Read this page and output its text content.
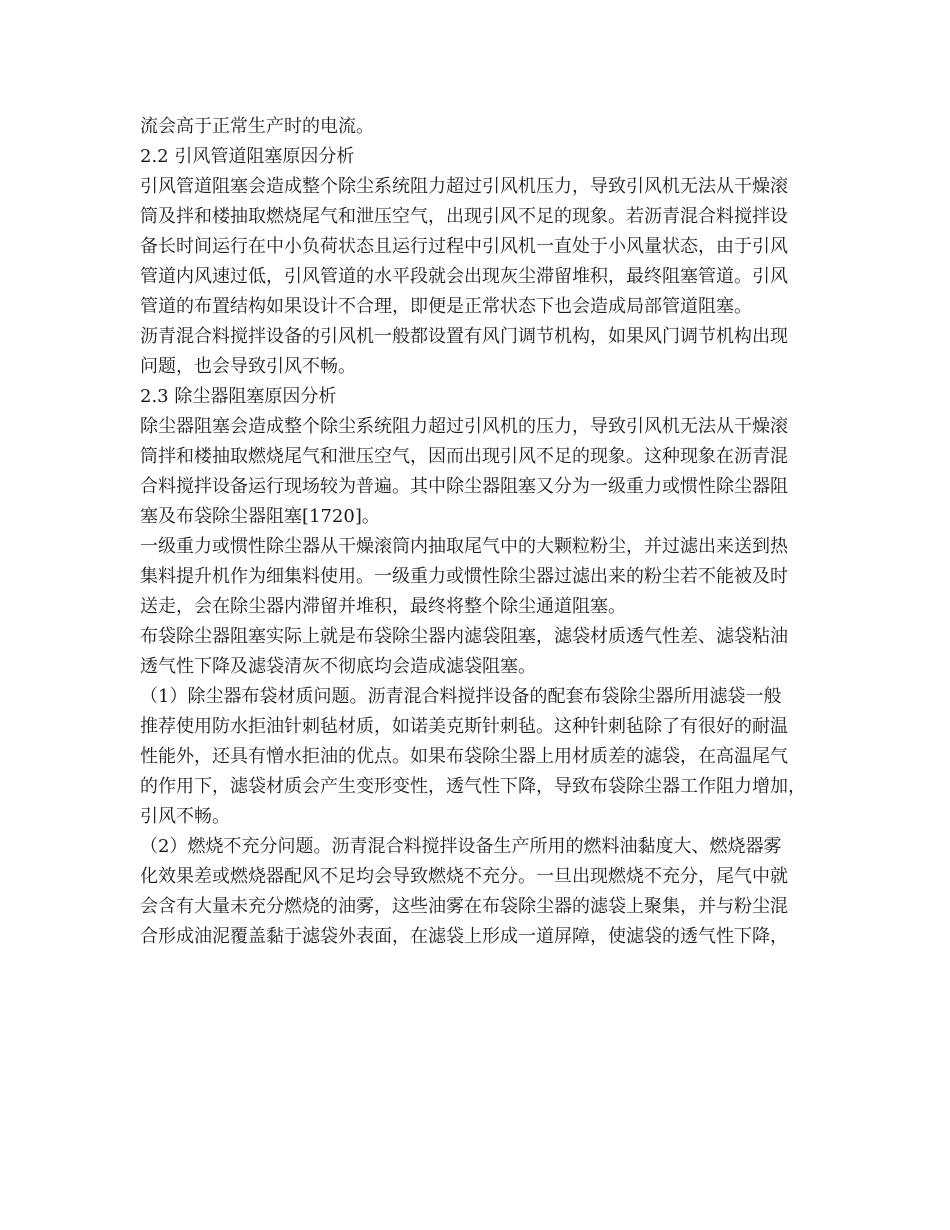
流会高于正常生产时的电流。
2.2 引风管道阻塞原因分析
引风管道阻塞会造成整个除尘系统阻力超过引风机压力，导致引风机无法从干燥滚
筒及拌和楼抽取燃烧尾气和泄压空气，出现引风不足的现象。若沥青混合料搅拌设
备长时间运行在中小负荷状态且运行过程中引风机一直处于小风量状态，由于引风
管道内风速过低，引风管道的水平段就会出现灰尘滞留堆积，最终阻塞管道。引风
管道的布置结构如果设计不合理，即便是正常状态下也会造成局部管道阻塞。
沥青混合料搅拌设备的引风机一般都设置有风门调节机构，如果风门调节机构出现
问题，也会导致引风不畅。
2.3 除尘器阻塞原因分析
除尘器阻塞会造成整个除尘系统阻力超过引风机的压力，导致引风机无法从干燥滚
筒拌和楼抽取燃烧尾气和泄压空气，因而出现引风不足的现象。这种现象在沥青混
合料搅拌设备运行现场较为普遍。其中除尘器阻塞又分为一级重力或惯性除尘器阻
塞及布袋除尘器阻塞[1720]。
一级重力或惯性除尘器从干燥滚筒内抽取尾气中的大颗粒粉尘，并过滤出来送到热
集料提升机作为细集料使用。一级重力或惯性除尘器过滤出来的粉尘若不能被及时
送走，会在除尘器内滞留并堆积，最终将整个除尘通道阻塞。
布袋除尘器阻塞实际上就是布袋除尘器内滤袋阻塞，滤袋材质透气性差、滤袋粘油
透气性下降及滤袋清灰不彻底均会造成滤袋阻塞。
（1）除尘器布袋材质问题。沥青混合料搅拌设备的配套布袋除尘器所用滤袋一般
推荐使用防水拒油针刺毡材质，如诺美克斯针刺毡。这种针刺毡除了有很好的耐温
性能外，还具有憎水拒油的优点。如果布袋除尘器上用材质差的滤袋，在高温尾气
的作用下，滤袋材质会产生变形变性，透气性下降，导致布袋除尘器工作阻力增加，
引风不畅。
（2）燃烧不充分问题。沥青混合料搅拌设备生产所用的燃料油黏度大、燃烧器雾
化效果差或燃烧器配风不足均会导致燃烧不充分。一旦出现燃烧不充分，尾气中就
会含有大量未充分燃烧的油雾，这些油雾在布袋除尘器的滤袋上聚集，并与粉尘混
合形成油泥覆盖黏于滤袋外表面，在滤袋上形成一道屏障，使滤袋的透气性下降，
